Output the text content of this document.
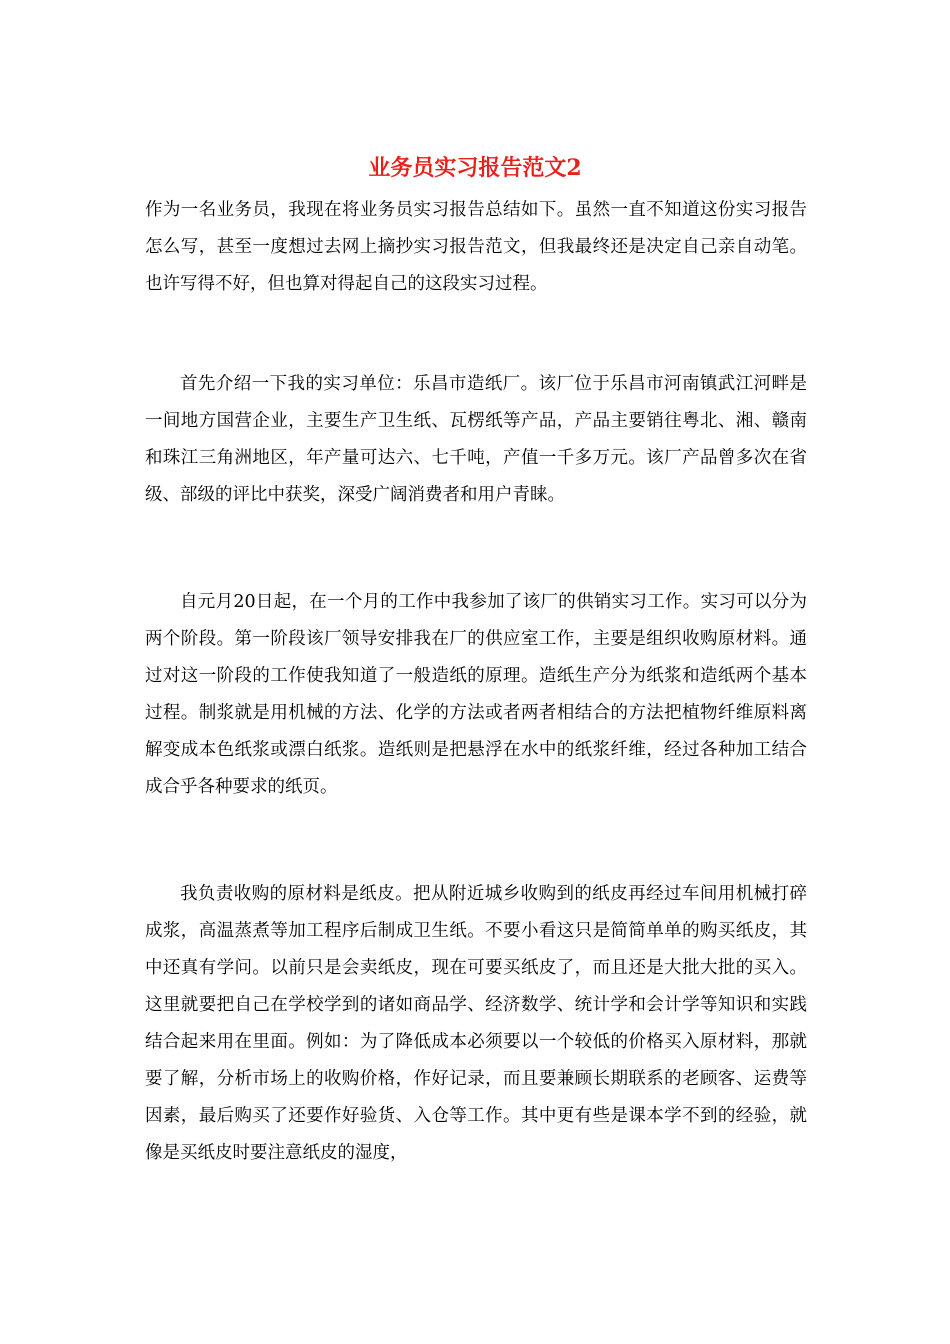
业务员实习报告范文2

作为一名业务员，我现在将业务员实习报告总结如下。虽然一直不知道这份实习报告怎么写，甚至一度想过去网上摘抄实习报告范文，但我最终还是决定自己亲自动笔。也许写得不好，但也算对得起自己的这段实习过程。

首先介绍一下我的实习单位：乐昌市造纸厂。该厂位于乐昌市河南镇武江河畔是一间地方国营企业，主要生产卫生纸、瓦楞纸等产品，产品主要销往粤北、湘、赣南和珠江三角洲地区，年产量可达六、七千吨，产值一千多万元。该厂产品曾多次在省级、部级的评比中获奖，深受广阔消费者和用户青睐。

自元月20日起，在一个月的工作中我参加了该厂的供销实习工作。实习可以分为两个阶段。第一阶段该厂领导安排我在厂的供应室工作，主要是组织收购原材料。通过对这一阶段的工作使我知道了一般造纸的原理。造纸生产分为纸浆和造纸两个基本过程。制浆就是用机械的方法、化学的方法或者两者相结合的方法把植物纤维原料离解变成本色纸浆或漂白纸浆。造纸则是把悬浮在水中的纸浆纤维，经过各种加工结合成合乎各种要求的纸页。

我负责收购的原材料是纸皮。把从附近城乡收购到的纸皮再经过车间用机械打碎成浆，高温蒸煮等加工程序后制成卫生纸。不要小看这只是简简单单的购买纸皮，其中还真有学问。以前只是会卖纸皮，现在可要买纸皮了，而且还是大批大批的买入。这里就要把自己在学校学到的诸如商品学、经济数学、统计学和会计学等知识和实践结合起来用在里面。例如：为了降低成本必须要以一个较低的价格买入原材料，那就要了解，分析市场上的收购价格，作好记录，而且要兼顾长期联系的老顾客、运费等因素，最后购买了还要作好验货、入仓等工作。其中更有些是课本学不到的经验，就像是买纸皮时要注意纸皮的湿度，
